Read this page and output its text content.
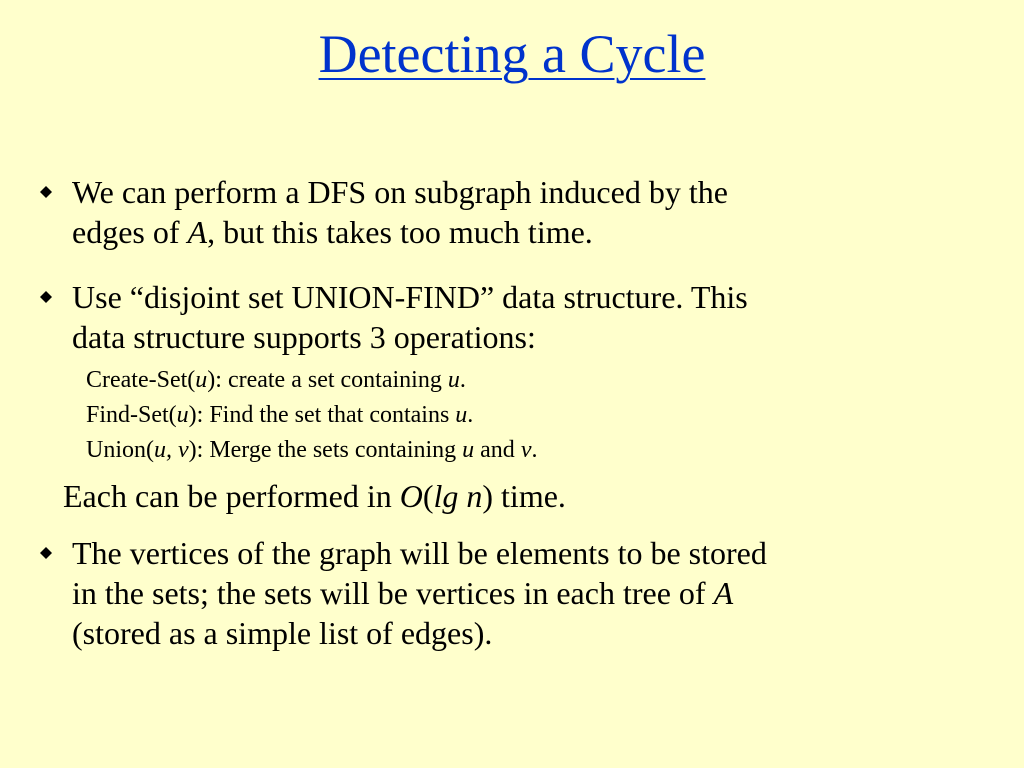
Detecting a Cycle
We can perform a DFS on subgraph induced by the
edges of A, but this takes too much time.
Use “disjoint set UNION-FIND” data structure. This
data structure supports 3 operations:
Create-Set(u): create a set containing u.
Find-Set(u): Find the set that contains u.
Union(u, v): Merge the sets containing u and v.
Each can be performed in O(lg n) time.
The vertices of the graph will be elements to be stored
in the sets; the sets will be vertices in each tree of A
(stored as a simple list of edges).
